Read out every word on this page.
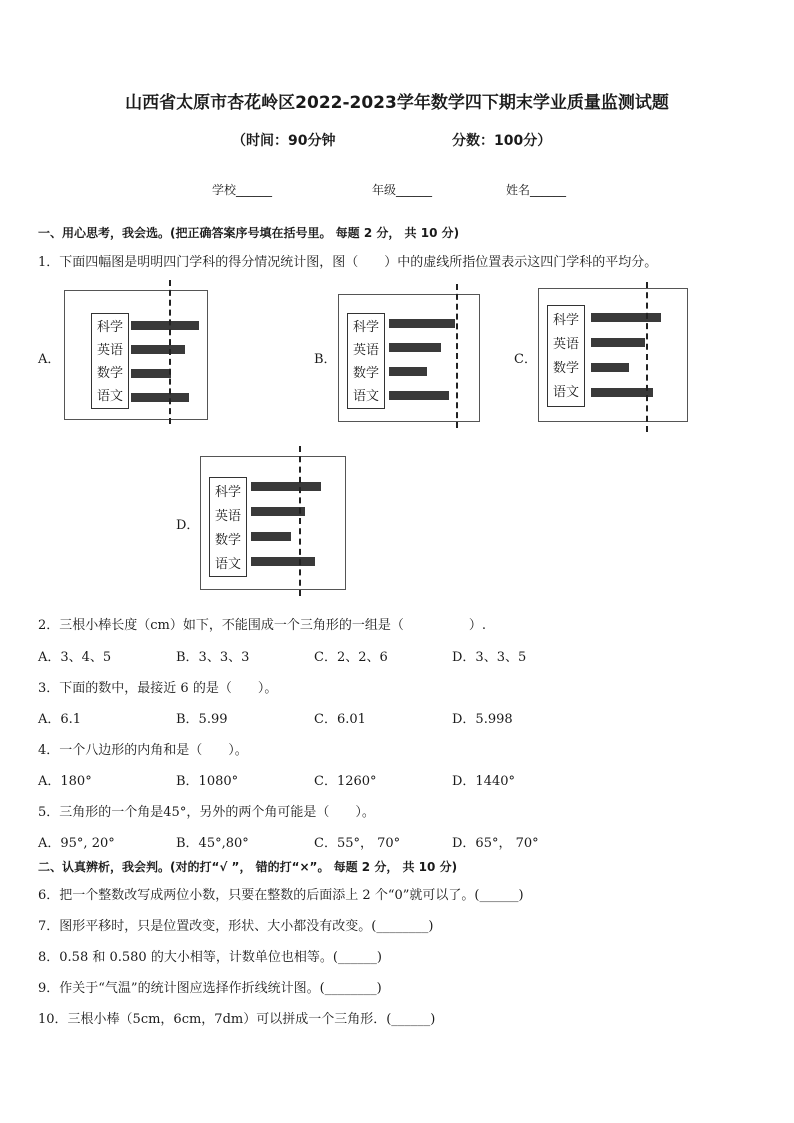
山西省太原市杏花岭区2022-2023学年数学四下期末学业质量监测试题
（时间：90分钟	分数：100分）
学校______	年级______	姓名______
一、用心思考，我会选。(把正确答案序号填在括号里。 每题 2 分， 共 10 分)
1．下面四幅图是明明四门学科的得分情况统计图，图（　　）中的虚线所指位置表示这四门学科的平均分。
A．
科学
英语
数学
语文
B．
科学
英语
数学
语文
C．
科学
英语
数学
语文
D．
科学
英语
数学
语文
2．三根小棒长度（cm）如下，不能围成一个三角形的一组是（　　　　　）.
A．3、4、5	B．3、3、3	C．2、2、6	D．3、3、5
3．下面的数中，最接近 6 的是（　　）。
A．6.1	B．5.99	C．6.01	D．5.998
4．一个八边形的内角和是（　　）。
A．180°	B．1080°	C．1260°	D．1440°
5．三角形的一个角是45°，另外的两个角可能是（　　）。
A．95°, 20°	B．45°,80°	C．55°， 70°	D．65°， 70°
二、认真辨析，我会判。(对的打“√ ”， 错的打“×”。 每题 2 分， 共 10 分)
6．把一个整数改写成两位小数，只要在整数的后面添上 2 个“0”就可以了。(______)
7．图形平移时，只是位置改变，形状、大小都没有改变。(________)
8．0.58 和 0.580 的大小相等，计数单位也相等。(______)
9．作关于“气温”的统计图应选择作折线统计图。(________)
10．三根小棒（5cm，6cm，7dm）可以拼成一个三角形．(______)
